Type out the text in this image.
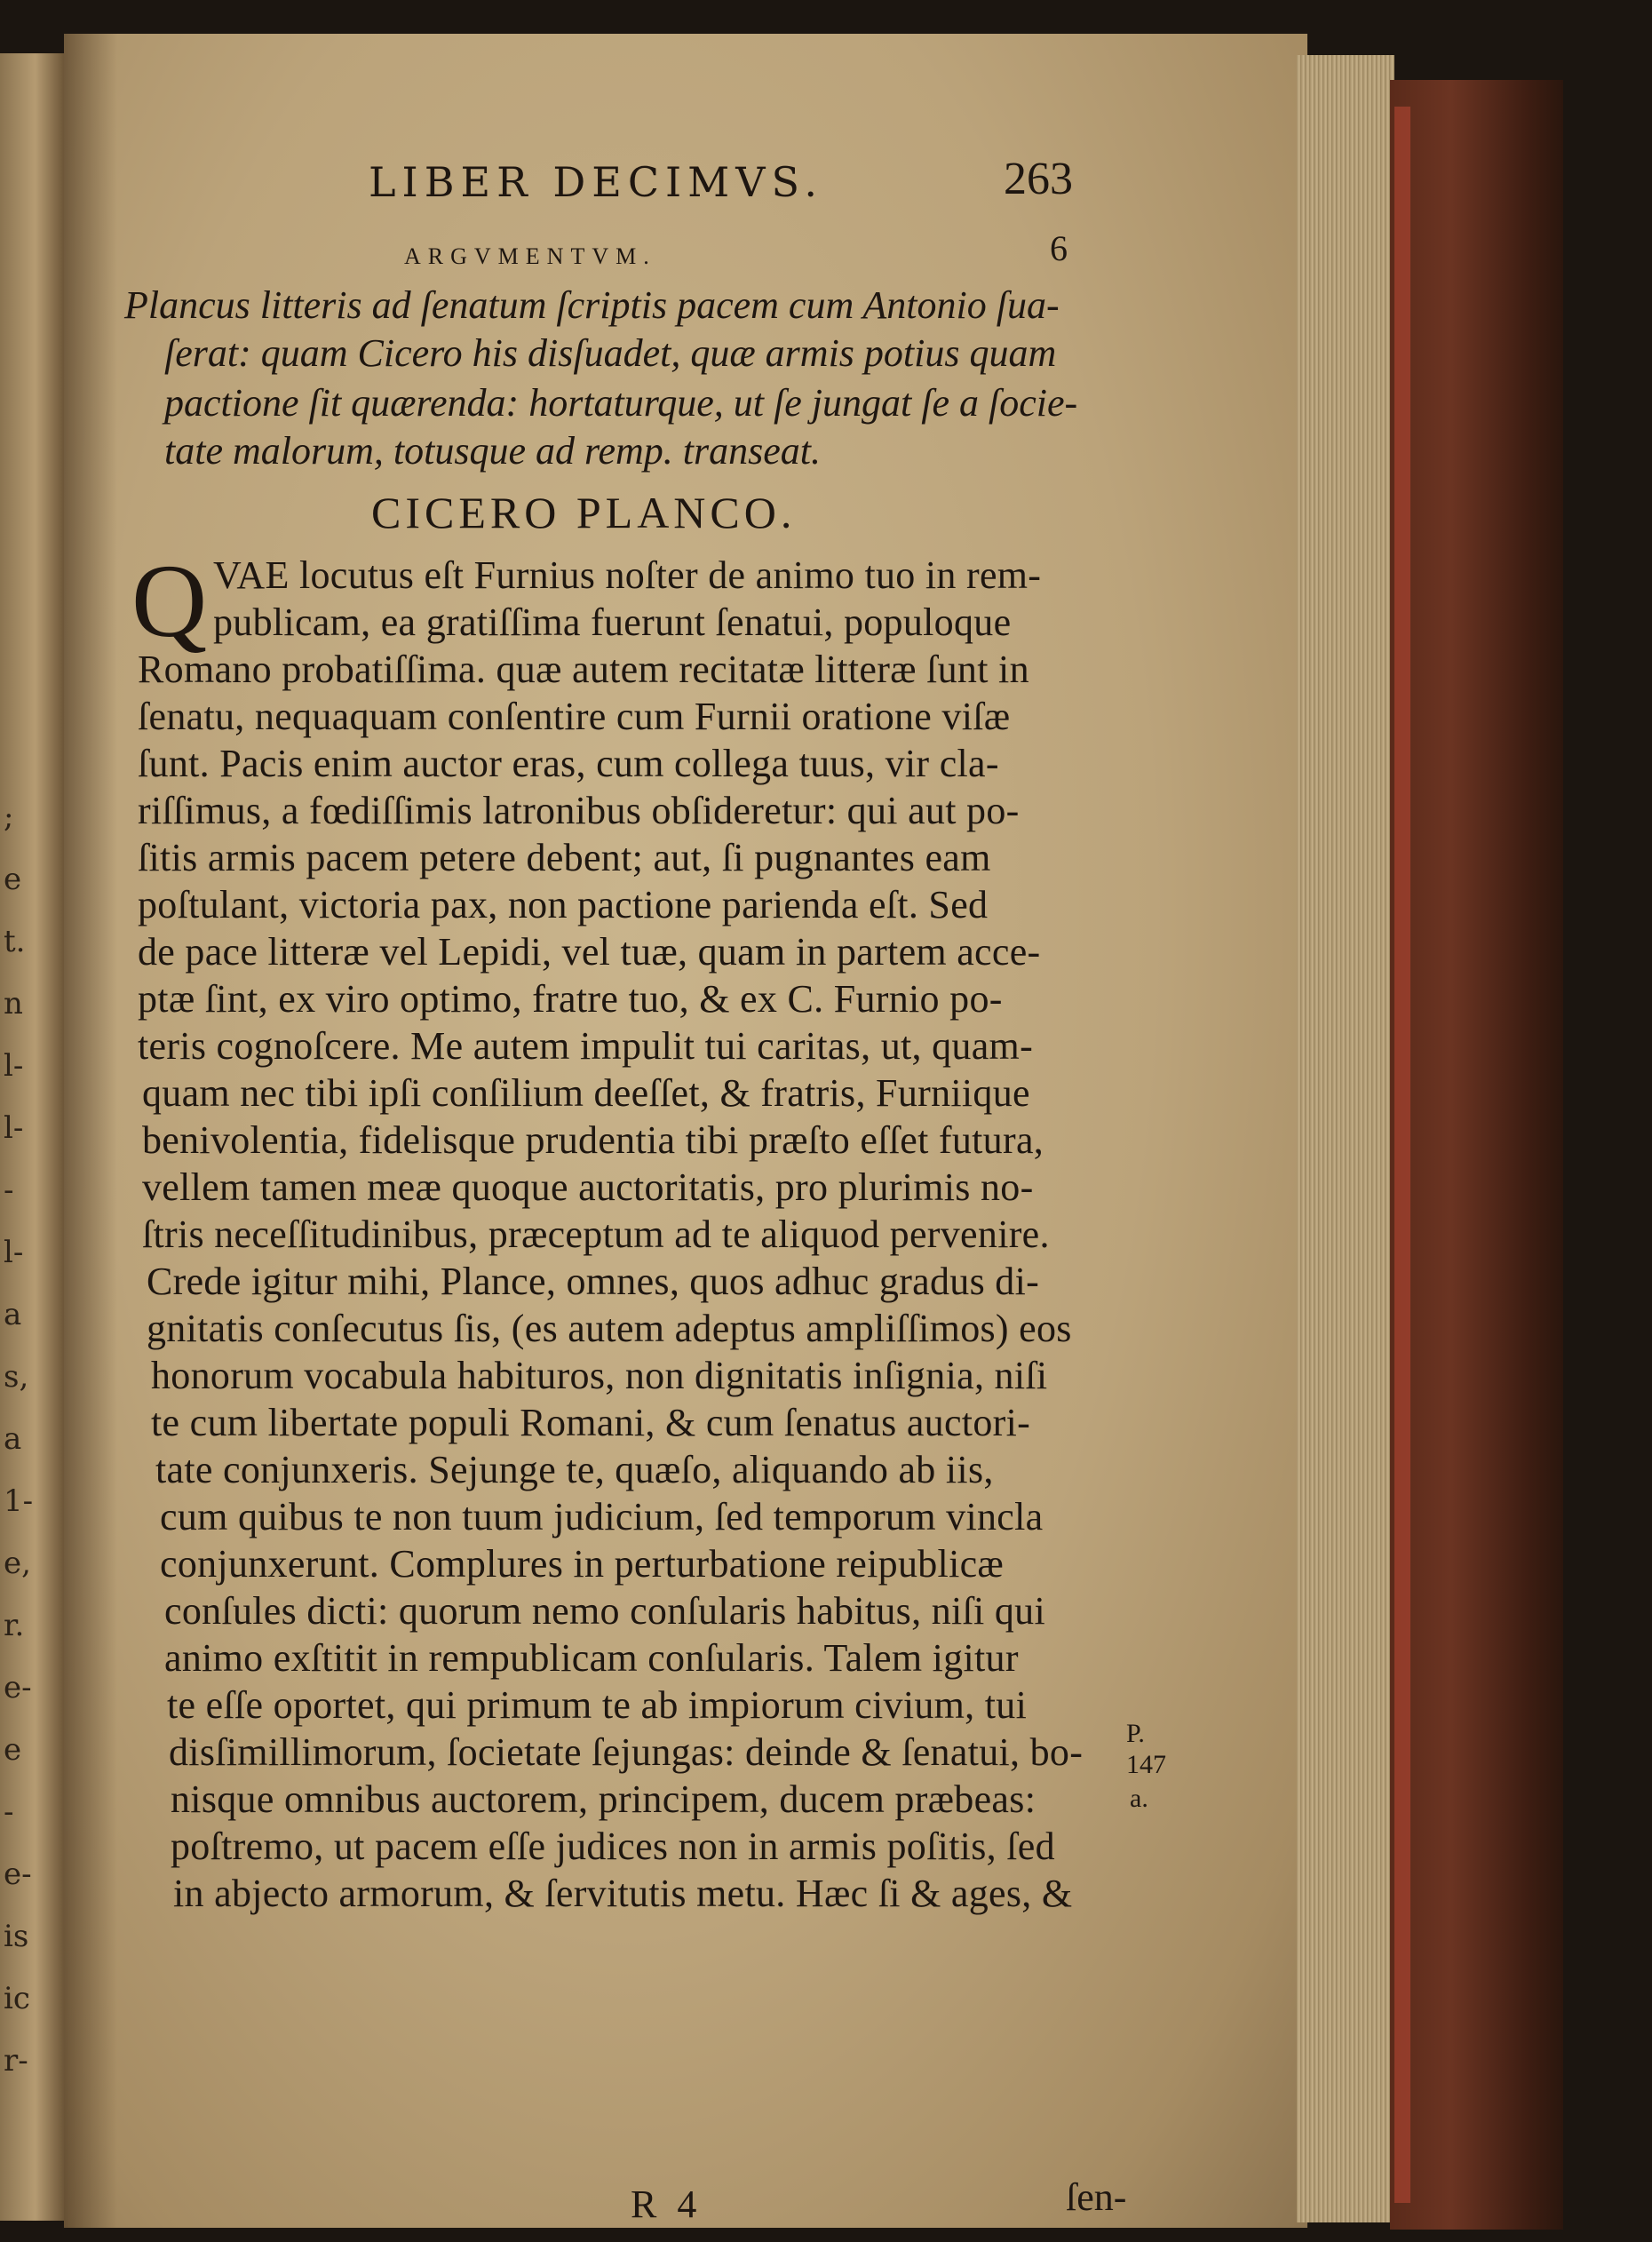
;
e
t.
n
l-
l-
-
l-
a
s,
a
1-
e,
r.
e-
e
-
e-
is
ic
r-
LIBER DECIMVS.	263
6
ARGVMENTVM.
Plancus litteris ad ſenatum ſcriptis pacem cum Antonio ſua-
ſerat: quam Cicero his disſuadet, quæ armis potius quam
pactione ſit quærenda: hortaturque, ut ſe jungat ſe a ſocie-
tate malorum, totusque ad remp. transeat.
CICERO PLANCO.
Q VAE locutus eſt Furnius noſter de animo tuo in rem-
publicam, ea gratiſſima fuerunt ſenatui, populoque
Romano probatiſſima. quæ autem recitatæ litteræ ſunt in
ſenatu, nequaquam conſentire cum Furnii oratione viſæ
ſunt. Pacis enim auctor eras, cum collega tuus, vir cla-
riſſimus, a fœdiſſimis latronibus obſideretur: qui aut po-
ſitis armis pacem petere debent; aut, ſi pugnantes eam
poſtulant, victoria pax, non pactione parienda eſt. Sed
de pace litteræ vel Lepidi, vel tuæ, quam in partem acce-
ptæ ſint, ex viro optimo, fratre tuo, & ex C. Furnio po-
teris cognoſcere. Me autem impulit tui caritas, ut, quam-
quam nec tibi ipſi conſilium deeſſet, & fratris, Furniique
benivolentia, fidelisque prudentia tibi præſto eſſet futura,
vellem tamen meæ quoque auctoritatis, pro plurimis no-
ſtris neceſſitudinibus, præceptum ad te aliquod pervenire.
Crede igitur mihi, Plance, omnes, quos adhuc gradus di-
gnitatis conſecutus ſis, (es autem adeptus ampliſſimos) eos
honorum vocabula habituros, non dignitatis inſignia, niſi
te cum libertate populi Romani, & cum ſenatus auctori-
tate conjunxeris. Sejunge te, quæſo, aliquando ab iis,
cum quibus te non tuum judicium, ſed temporum vincla
conjunxerunt. Complures in perturbatione reipublicæ
conſules dicti: quorum nemo conſularis habitus, niſi qui
animo exſtitit in rempublicam conſularis. Talem igitur
te eſſe oportet, qui primum te ab impiorum civium, tui
disſimillimorum, ſocietate ſejungas: deinde & ſenatui, bo-
nisque omnibus auctorem, principem, ducem præbeas:
poſtremo, ut pacem eſſe judices non in armis poſitis, ſed
in abjecto armorum, & ſervitutis metu. Hæc ſi & ages, &
P.
147
a.
R 4	ſen-
